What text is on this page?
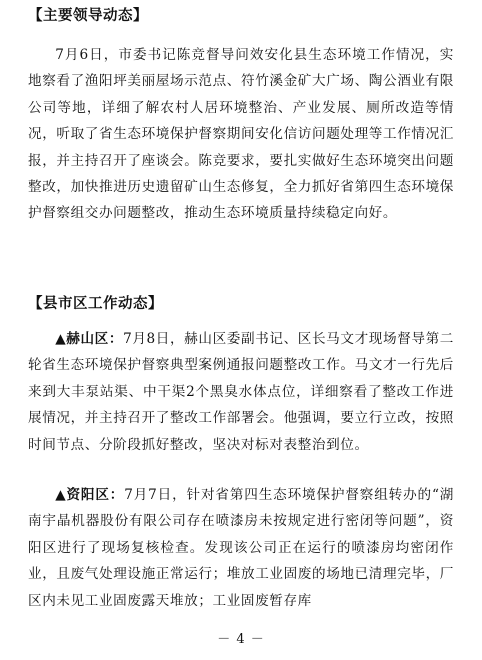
【主要领导动态】

7月6日，市委书记陈竞督导问效安化县生态环境工作情况，实地察看了渔阳坪美丽屋场示范点、符竹溪金矿大广场、陶公酒业有限公司等地，详细了解农村人居环境整治、产业发展、厕所改造等情况，听取了省生态环境保护督察期间安化信访问题处理等工作情况汇报，并主持召开了座谈会。陈竞要求，要扎实做好生态环境突出问题整改，加快推进历史遗留矿山生态修复，全力抓好省第四生态环境保护督察组交办问题整改，推动生态环境质量持续稳定向好。

【县市区工作动态】

▲赫山区：7月8日，赫山区委副书记、区长马文才现场督导第二轮省生态环境保护督察典型案例通报问题整改工作。马文才一行先后来到大丰泵站渠、中干渠2个黑臭水体点位，详细察看了整改工作进展情况，并主持召开了整改工作部署会。他强调，要立行立改，按照时间节点、分阶段抓好整改，坚决对标对表整治到位。

▲资阳区：7月7日，针对省第四生态环境保护督察组转办的“湖南宇晶机器股份有限公司存在喷漆房未按规定进行密闭等问题”，资阳区进行了现场复核检查。发现该公司正在运行的喷漆房均密闭作业，且废气处理设施正常运行；堆放工业固废的场地已清理完毕，厂区内未见工业固废露天堆放；工业固废暂存库

－ 4 －
